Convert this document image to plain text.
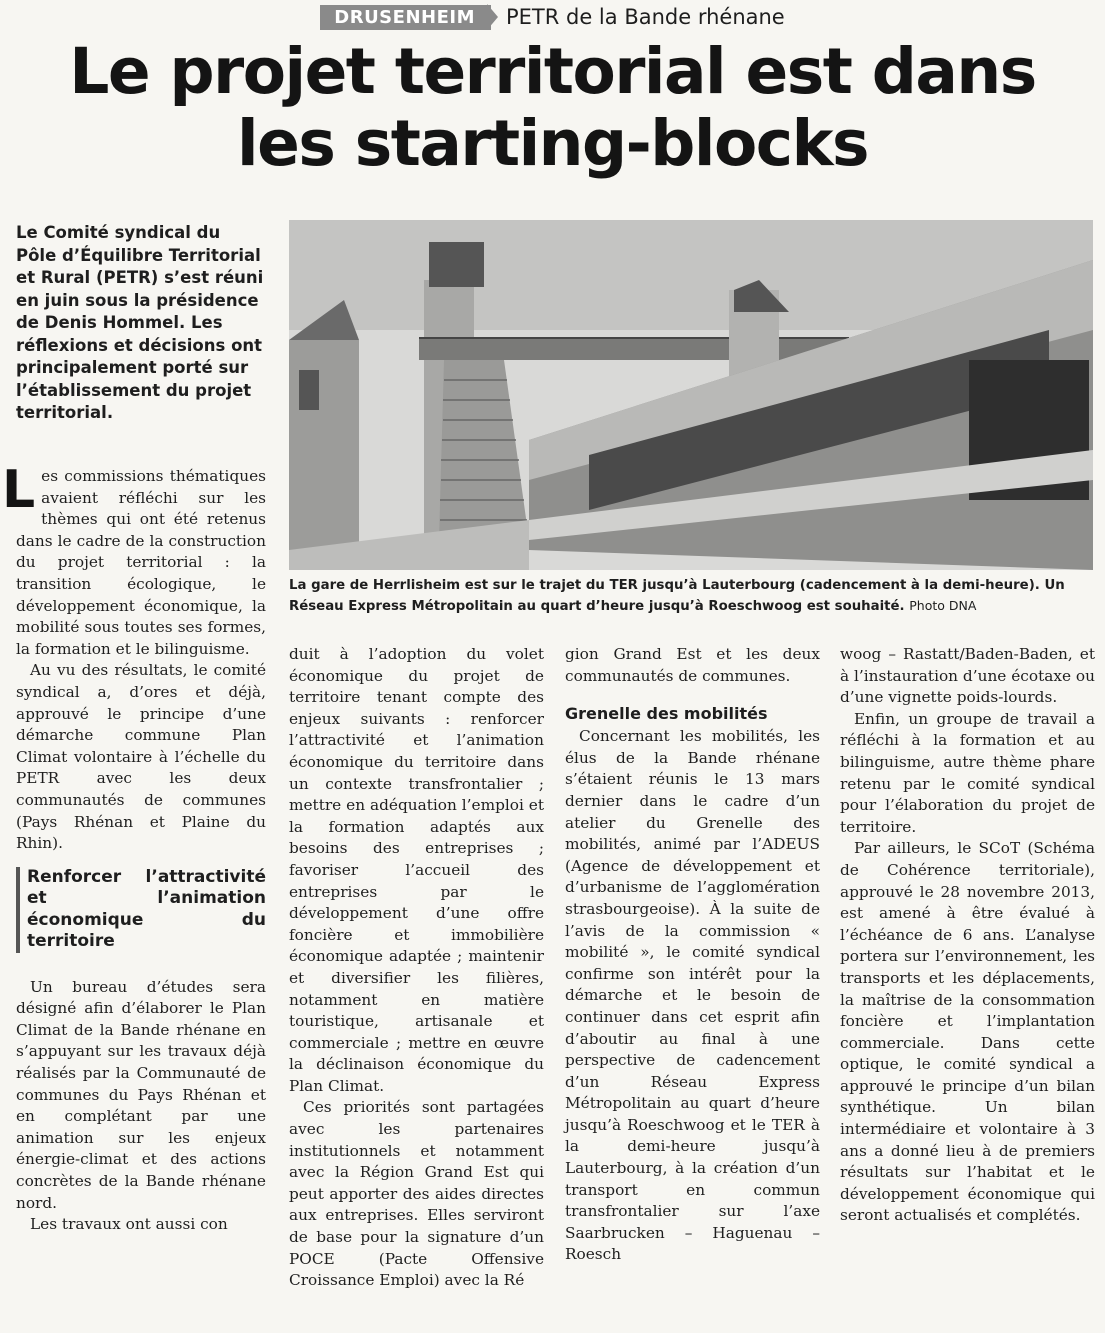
DRUSENHEIM PETR de la Bande rhénane
Le projet territorial est dans
les starting-blocks
Le Comité syndical du Pôle d’Équilibre Territorial et Rural (PETR) s’est réuni en juin sous la présidence de Denis Hommel. Les réflexions et décisions ont principalement porté sur l’établissement du projet territorial.
La gare de Herrlisheim est sur le trajet du TER jusqu’à Lauterbourg (cadencement à la demi-heure). Un Réseau Express Métropolitain au quart d’heure jusqu’à Roeschwoog est souhaité. Photo DNA

Les commissions thématiques avaient réfléchi sur les thèmes qui ont été retenus dans le cadre de la construction du projet territorial : la transition écologique, le développement économique, la mobilité sous toutes ses formes, la formation et le bilinguisme.

Au vu des résultats, le comité syndical a, d’ores et déjà, approuvé le principe d’une démarche commune Plan Climat volontaire à l’échelle du PETR avec les deux communautés de communes (Pays Rhénan et Plaine du Rhin).

Renforcer l’attractivité et l’animation économique du territoire

Un bureau d’études sera désigné afin d’élaborer le Plan Climat de la Bande rhénane en s’appuyant sur les travaux déjà réalisés par la Communauté de communes du Pays Rhénan et en complétant par une animation sur les enjeux énergie-climat et des actions concrètes de la Bande rhénane nord.

Les travaux ont aussi con

duit à l’adoption du volet économique du projet de territoire tenant compte des enjeux suivants : renforcer l’attractivité et l’animation économique du territoire dans un contexte transfrontalier ; mettre en adéquation l’emploi et la formation adaptés aux besoins des entreprises ; favoriser l’accueil des entreprises par le développement d’une offre foncière et immobilière économique adaptée ; maintenir et diversifier les filières, notamment en matière touristique, artisanale et commerciale ; mettre en œuvre la déclinaison économique du Plan Climat.

Ces priorités sont partagées avec les partenaires institutionnels et notamment avec la Région Grand Est qui peut apporter des aides directes aux entreprises. Elles serviront de base pour la signature d’un POCE (Pacte Offensive Croissance Emploi) avec la Ré

gion Grand Est et les deux communautés de communes.

Grenelle des mobilités

Concernant les mobilités, les élus de la Bande rhénane s’étaient réunis le 13 mars dernier dans le cadre d’un atelier du Grenelle des mobilités, animé par l’ADEUS (Agence de développement et d’urbanisme de l’agglomération strasbourgeoise). À la suite de l’avis de la commission « mobilité », le comité syndical confirme son intérêt pour la démarche et le besoin de continuer dans cet esprit afin d’aboutir au final à une perspective de cadencement d’un Réseau Express Métropolitain au quart d’heure jusqu’à Roeschwoog et le TER à la demi-heure jusqu’à Lauterbourg, à la création d’un transport en commun transfrontalier sur l’axe Saarbrucken – Haguenau – Roesch

woog – Rastatt/Baden-Baden, et à l’instauration d’une écotaxe ou d’une vignette poids-lourds.

Enfin, un groupe de travail a réfléchi à la formation et au bilinguisme, autre thème phare retenu par le comité syndical pour l’élaboration du projet de territoire.

Par ailleurs, le SCoT (Schéma de Cohérence territoriale), approuvé le 28 novembre 2013, est amené à être évalué à l’échéance de 6 ans. L’analyse portera sur l’environnement, les transports et les déplacements, la maîtrise de la consommation foncière et l’implantation commerciale. Dans cette optique, le comité syndical a approuvé le principe d’un bilan synthétique. Un bilan intermédiaire et volontaire à 3 ans a donné lieu à de premiers résultats sur l’habitat et le développement économique qui seront actualisés et complétés.
